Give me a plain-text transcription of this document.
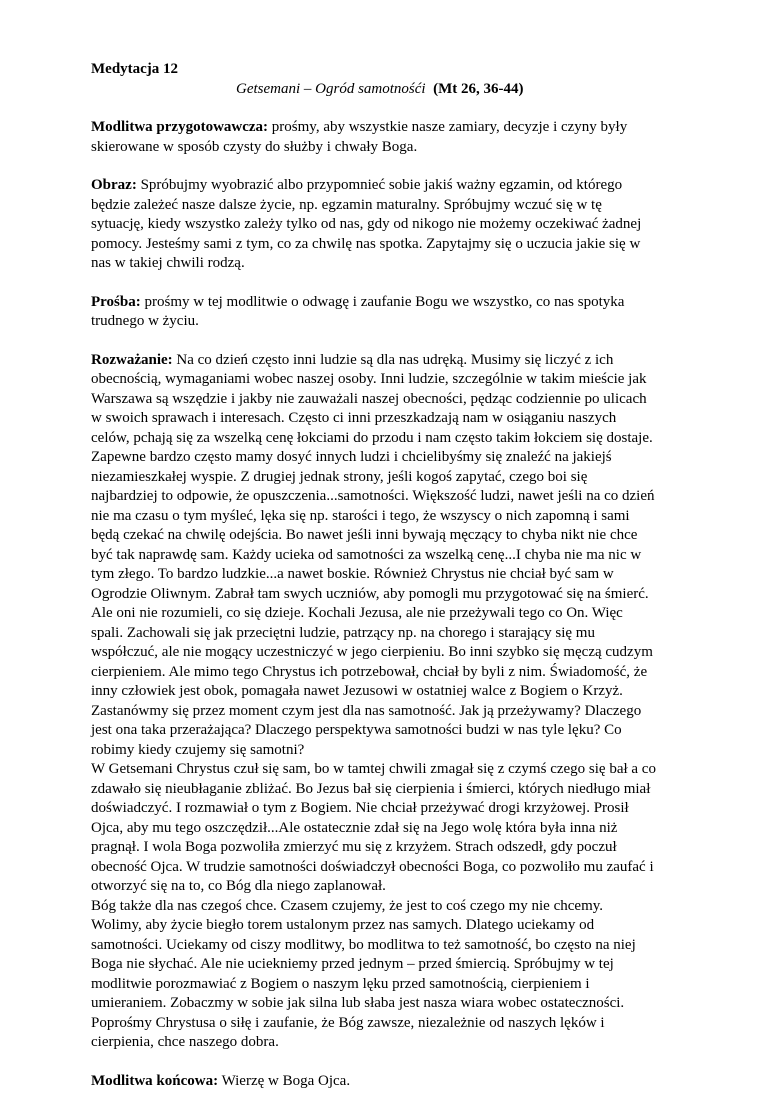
Medytacja 12

Getsemani – Ogród samotnośći (Mt 26, 36-44)

Modlitwa przygotowawcza: prośmy, aby wszystkie nasze zamiary, decyzje i czyny były

skierowane w sposób czysty do służby i chwały Boga.

Obraz: Spróbujmy wyobrazić albo przypomnieć sobie jakiś ważny egzamin, od którego

będzie zależeć nasze dalsze życie, np. egzamin maturalny. Spróbujmy wczuć się w tę

sytuację, kiedy wszystko zależy tylko od nas, gdy od nikogo nie możemy oczekiwać żadnej

pomocy. Jesteśmy sami z tym, co za chwilę nas spotka. Zapytajmy się o uczucia jakie się w

nas w takiej chwili rodzą.

Prośba: prośmy w tej modlitwie o odwagę i zaufanie Bogu we wszystko, co nas spotyka

trudnego w życiu.

Rozważanie: Na co dzień często inni ludzie są dla nas udręką. Musimy się liczyć z ich

obecnością, wymaganiami wobec naszej osoby. Inni ludzie, szczególnie w takim mieście jak

Warszawa są wszędzie i jakby nie zauważali naszej obecności, pędząc codziennie po ulicach

w swoich sprawach i interesach. Często ci inni przeszkadzają nam w osiąganiu naszych

celów, pchają się za wszelką cenę łokciami do przodu i nam często takim łokciem się dostaje.

Zapewne bardzo często mamy dosyć innych ludzi i chcielibyśmy się znaleźć na jakiejś

niezamieszkałej wyspie. Z drugiej jednak strony, jeśli kogoś zapytać, czego boi się

najbardziej to odpowie, że opuszczenia...samotności. Większość ludzi, nawet jeśli na co dzień

nie ma czasu o tym myśleć, lęka się np. starości i tego, że wszyscy o nich zapomną i sami

będą czekać na chwilę odejścia. Bo nawet jeśli inni bywają męczący to chyba nikt nie chce

być tak naprawdę sam. Każdy ucieka od samotności za wszelką cenę...I chyba nie ma nic w

tym złego. To bardzo ludzkie...a nawet boskie. Również Chrystus nie chciał być sam w

Ogrodzie Oliwnym. Zabrał tam swych uczniów, aby pomogli mu przygotować się na śmierć.

Ale oni nie rozumieli, co się dzieje. Kochali Jezusa, ale nie przeżywali tego co On. Więc

spali. Zachowali się jak przeciętni ludzie, patrzący np. na chorego i starający się mu

współczuć, ale nie mogący uczestniczyć w jego cierpieniu. Bo inni szybko się męczą cudzym

cierpieniem. Ale mimo tego Chrystus ich potrzebował, chciał by byli z nim. Świadomość, że

inny człowiek jest obok, pomagała nawet Jezusowi w ostatniej walce z Bogiem o Krzyż.

Zastanówmy się przez moment czym jest dla nas samotność. Jak ją przeżywamy? Dlaczego

jest ona taka przerażająca? Dlaczego perspektywa samotności budzi w nas tyle lęku? Co

robimy kiedy czujemy się samotni?

W Getsemani Chrystus czuł się sam, bo w tamtej chwili zmagał się z czymś czego się bał a co

zdawało się nieubłaganie zbliżać. Bo Jezus bał się cierpienia i śmierci, których niedługo miał

doświadczyć. I rozmawiał o tym z Bogiem. Nie chciał przeżywać drogi krzyżowej. Prosił

Ojca, aby mu tego oszczędził...Ale ostatecznie zdał się na Jego wolę która była inna niż

pragnął. I wola Boga pozwoliła zmierzyć mu się z krzyżem. Strach odszedł, gdy poczuł

obecność Ojca. W trudzie samotności doświadczył obecności Boga, co pozwoliło mu zaufać i

otworzyć się na to, co Bóg dla niego zaplanował.

Bóg także dla nas czegoś chce. Czasem czujemy, że jest to coś czego my nie chcemy.

Wolimy, aby życie biegło torem ustalonym przez nas samych. Dlatego uciekamy od

samotności. Uciekamy od ciszy modlitwy, bo modlitwa to też samotność, bo często na niej

Boga nie słychać. Ale nie uciekniemy przed jednym – przed śmiercią. Spróbujmy w tej

modlitwie porozmawiać z Bogiem o naszym lęku przed samotnością, cierpieniem i

umieraniem. Zobaczmy w sobie jak silna lub słaba jest nasza wiara wobec ostateczności.

Poprośmy Chrystusa o siłę i zaufanie, że Bóg zawsze, niezależnie od naszych lęków i

cierpienia, chce naszego dobra.

Modlitwa końcowa: Wierzę w Boga Ojca.
